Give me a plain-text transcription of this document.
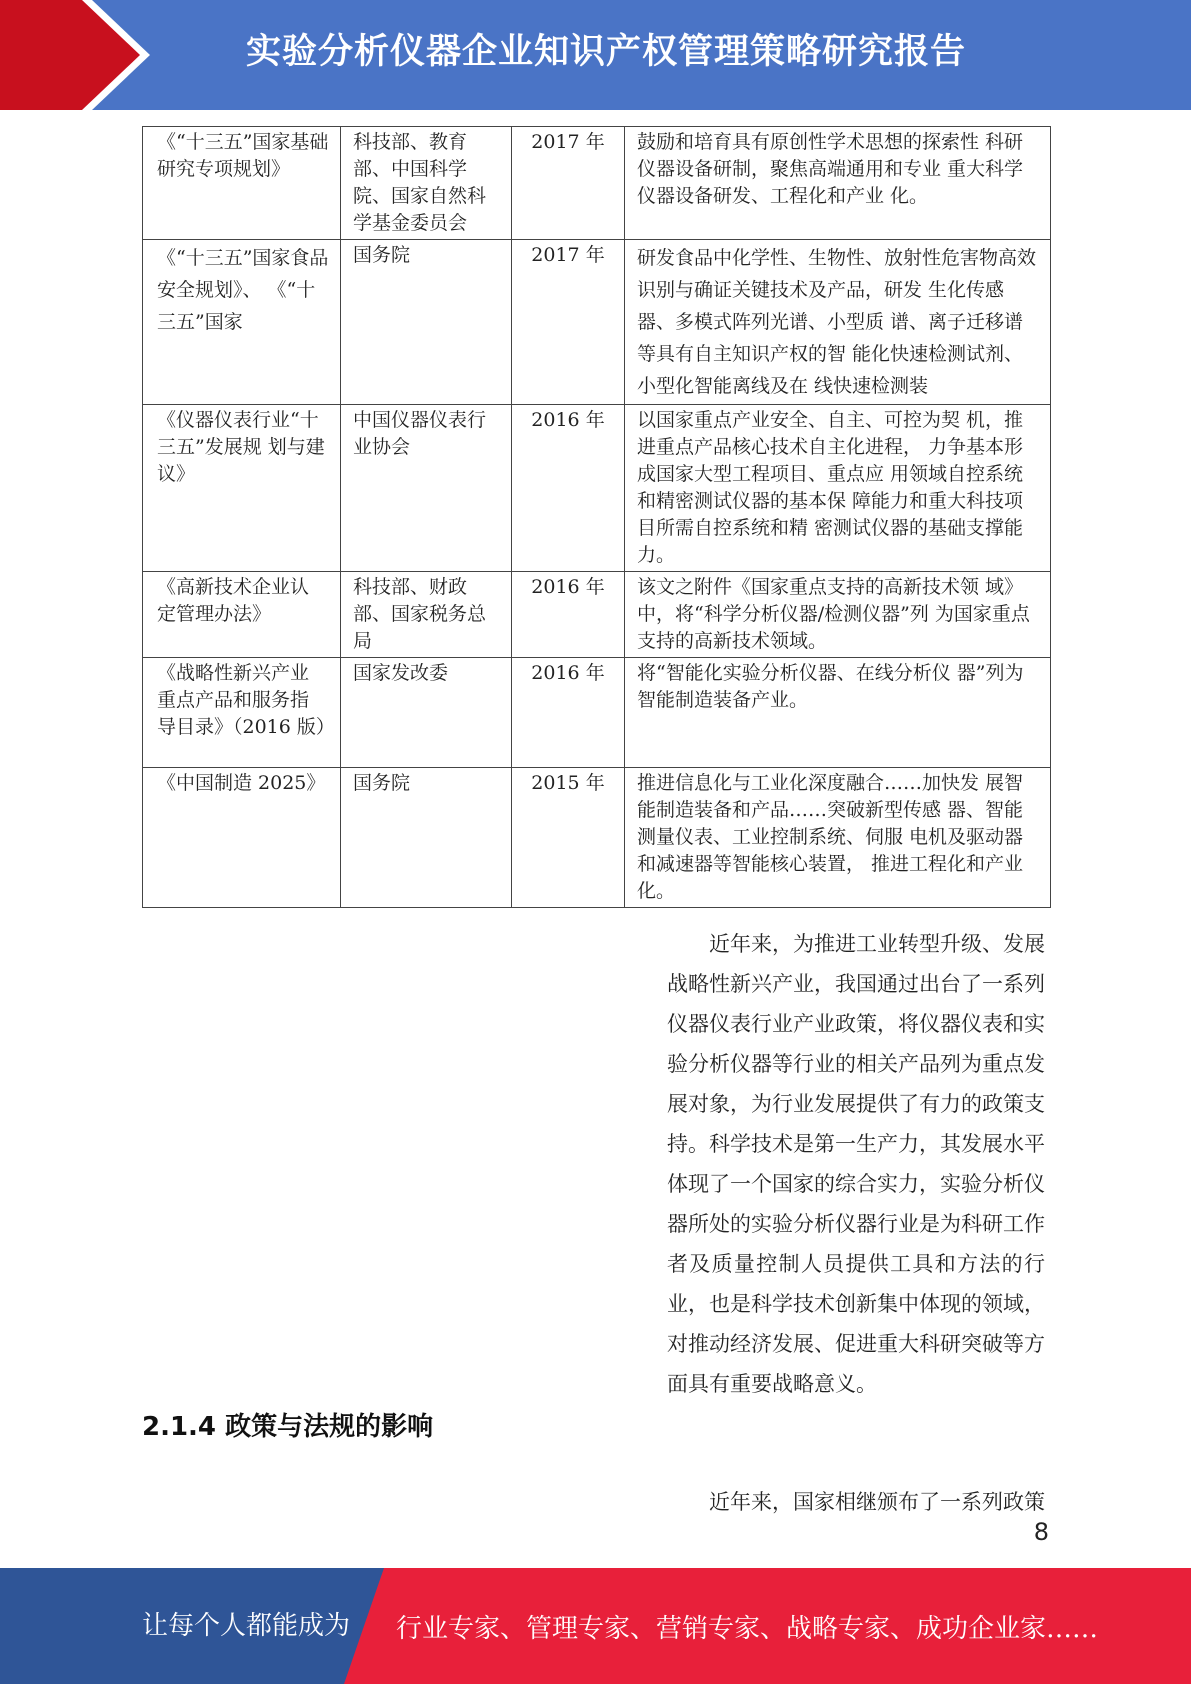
实验分析仪器企业知识产权管理策略研究报告
《“十三五”国家基础研究专项规划》	科技部、教育部、中国科学院、国家自然科学基金委员会	2017 年	鼓励和培育具有原创性学术思想的探索性 科研仪器设备研制，聚焦高端通用和专业 重大科学仪器设备研发、工程化和产业 化。
《“十三五”国家食品安全规划》、 《“十三五”国家	国务院	2017 年	研发食品中化学性、生物性、放射性危害物高效识别与确证关键技术及产品，研发 生化传感器、多模式阵列光谱、小型质 谱、离子迁移谱等具有自主知识产权的智 能化快速检测试剂、小型化智能离线及在 线快速检测装
《仪器仪表行业“十三五”发展规 划与建议》	中国仪器仪表行业协会	2016 年	以国家重点产业安全、自主、可控为契 机，推进重点产品核心技术自主化进程， 力争基本形成国家大型工程项目、重点应 用领域自控系统和精密测试仪器的基本保 障能力和重大科技项目所需自控系统和精 密测试仪器的基础支撑能力。
《高新技术企业认 定管理办法》	科技部、财政部、国家税务总局	2016 年	该文之附件《国家重点支持的高新技术领 域》中，将“科学分析仪器/检测仪器”列 为国家重点支持的高新技术领域。
《战略性新兴产业 重点产品和服务指 导目录》（2016 版）	国家发改委	2016 年	将“智能化实验分析仪器、在线分析仪 器”列为智能制造装备产业。
《中国制造 2025》	国务院	2015 年	推进信息化与工业化深度融合……加快发 展智能制造装备和产品……突破新型传感 器、智能测量仪表、工业控制系统、伺服 电机及驱动器和减速器等智能核心装置， 推进工程化和产业化。
近年来，为推进工业转型升级、发展战略性新兴产业，我国通过出台了一系列仪器仪表行业产业政策，将仪器仪表和实验分析仪器等行业的相关产品列为重点发展对象，为行业发展提供了有力的政策支持。科学技术是第一生产力，其发展水平体现了一个国家的综合实力，实验分析仪器所处的实验分析仪器行业是为科研工作者及质量控制人员提供工具和方法的行业，也是科学技术创新集中体现的领域，对推动经济发展、促进重大科研突破等方面具有重要战略意义。
2.1.4 政策与法规的影响
近年来，国家相继颁布了一系列政策
8
让每个人都能成为 行业专家、管理专家、营销专家、战略专家、成功企业家……
